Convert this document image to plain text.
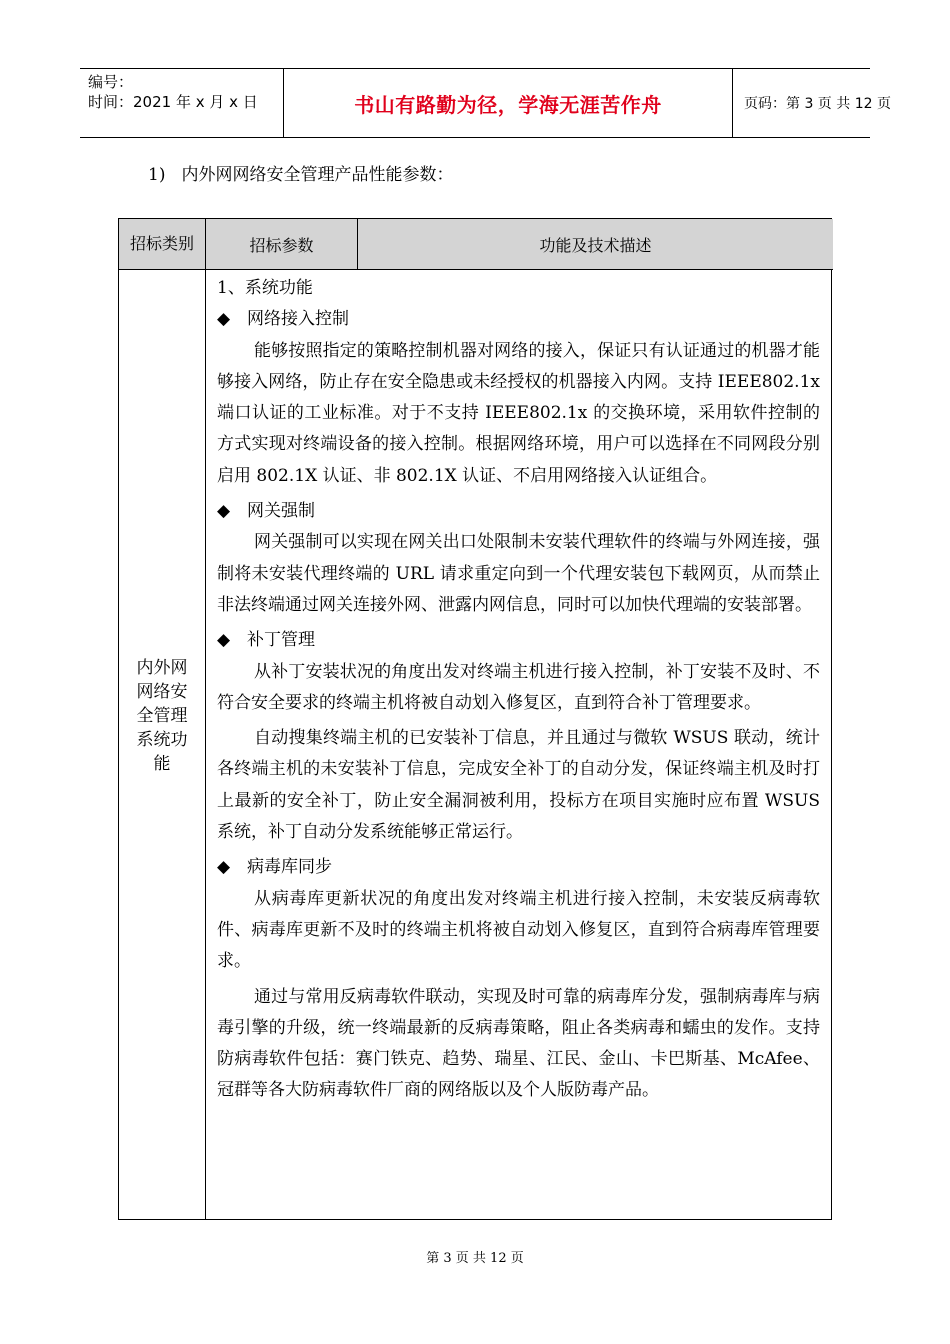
编号：
时间：2021 年 x 月 x 日	书山有路勤为径，学海无涯苦作舟	页码：第 3 页 共 12 页
1) 内外网网络安全管理产品性能参数：
招标类别	招标参数	功能及技术描述
内外网网络安全管理系统功能
1、系统功能
◆ 网络接入控制
能够按照指定的策略控制机器对网络的接入，保证只有认证通过的机器才能够接入网络，防止存在安全隐患或未经授权的机器接入内网。支持 IEEE802.1x 端口认证的工业标准。对于不支持 IEEE802.1x 的交换环境，采用软件控制的方式实现对终端设备的接入控制。根据网络环境，用户可以选择在不同网段分别启用 802.1X 认证、非 802.1X 认证、不启用网络接入认证组合。
◆ 网关强制
网关强制可以实现在网关出口处限制未安装代理软件的终端与外网连接，强制将未安装代理终端的 URL 请求重定向到一个代理安装包下载网页，从而禁止非法终端通过网关连接外网、泄露内网信息，同时可以加快代理端的安装部署。
◆ 补丁管理
从补丁安装状况的角度出发对终端主机进行接入控制，补丁安装不及时、不符合安全要求的终端主机将被自动划入修复区，直到符合补丁管理要求。
自动搜集终端主机的已安装补丁信息，并且通过与微软 WSUS 联动，统计各终端主机的未安装补丁信息，完成安全补丁的自动分发，保证终端主机及时打上最新的安全补丁，防止安全漏洞被利用，投标方在项目实施时应布置 WSUS 系统，补丁自动分发系统能够正常运行。
◆ 病毒库同步
从病毒库更新状况的角度出发对终端主机进行接入控制，未安装反病毒软件、病毒库更新不及时的终端主机将被自动划入修复区，直到符合病毒库管理要求。
通过与常用反病毒软件联动，实现及时可靠的病毒库分发，强制病毒库与病毒引擎的升级，统一终端最新的反病毒策略，阻止各类病毒和蠕虫的发作。支持防病毒软件包括：赛门铁克、趋势、瑞星、江民、金山、卡巴斯基、McAfee、冠群等各大防病毒软件厂商的网络版以及个人版防毒产品。
第 3 页 共 12 页
